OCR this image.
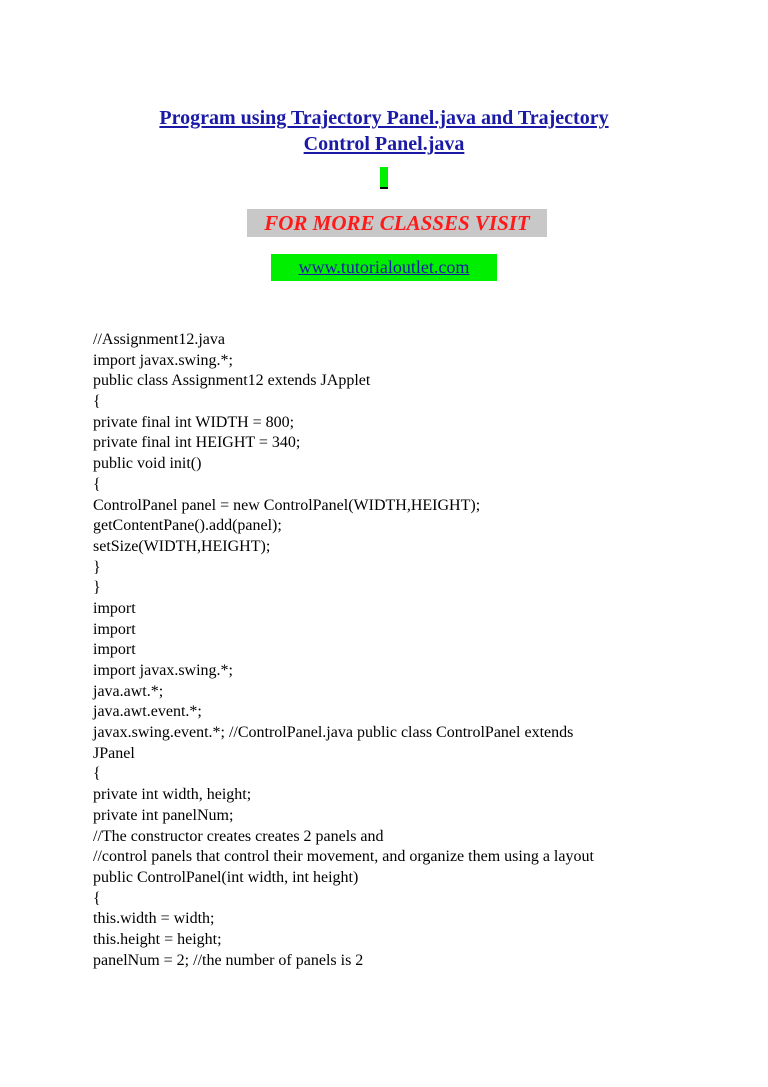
Program using Trajectory Panel.java and Trajectory
Control Panel.java
FOR MORE CLASSES VISIT
www.tutorialoutlet.com
//Assignment12.java
import javax.swing.*;
public class Assignment12 extends JApplet
{
private final int WIDTH = 800;
private final int HEIGHT = 340;
public void init()
{
ControlPanel panel = new ControlPanel(WIDTH,HEIGHT);
getContentPane().add(panel);
setSize(WIDTH,HEIGHT);
}
}
import
import
import
import javax.swing.*;
java.awt.*;
java.awt.event.*;
javax.swing.event.*; //ControlPanel.java public class ControlPanel extends
JPanel
{
private int width, height;
private int panelNum;
//The constructor creates creates 2 panels and
//control panels that control their movement, and organize them using a layout
public ControlPanel(int width, int height)
{
this.width = width;
this.height = height;
panelNum = 2; //the number of panels is 2
